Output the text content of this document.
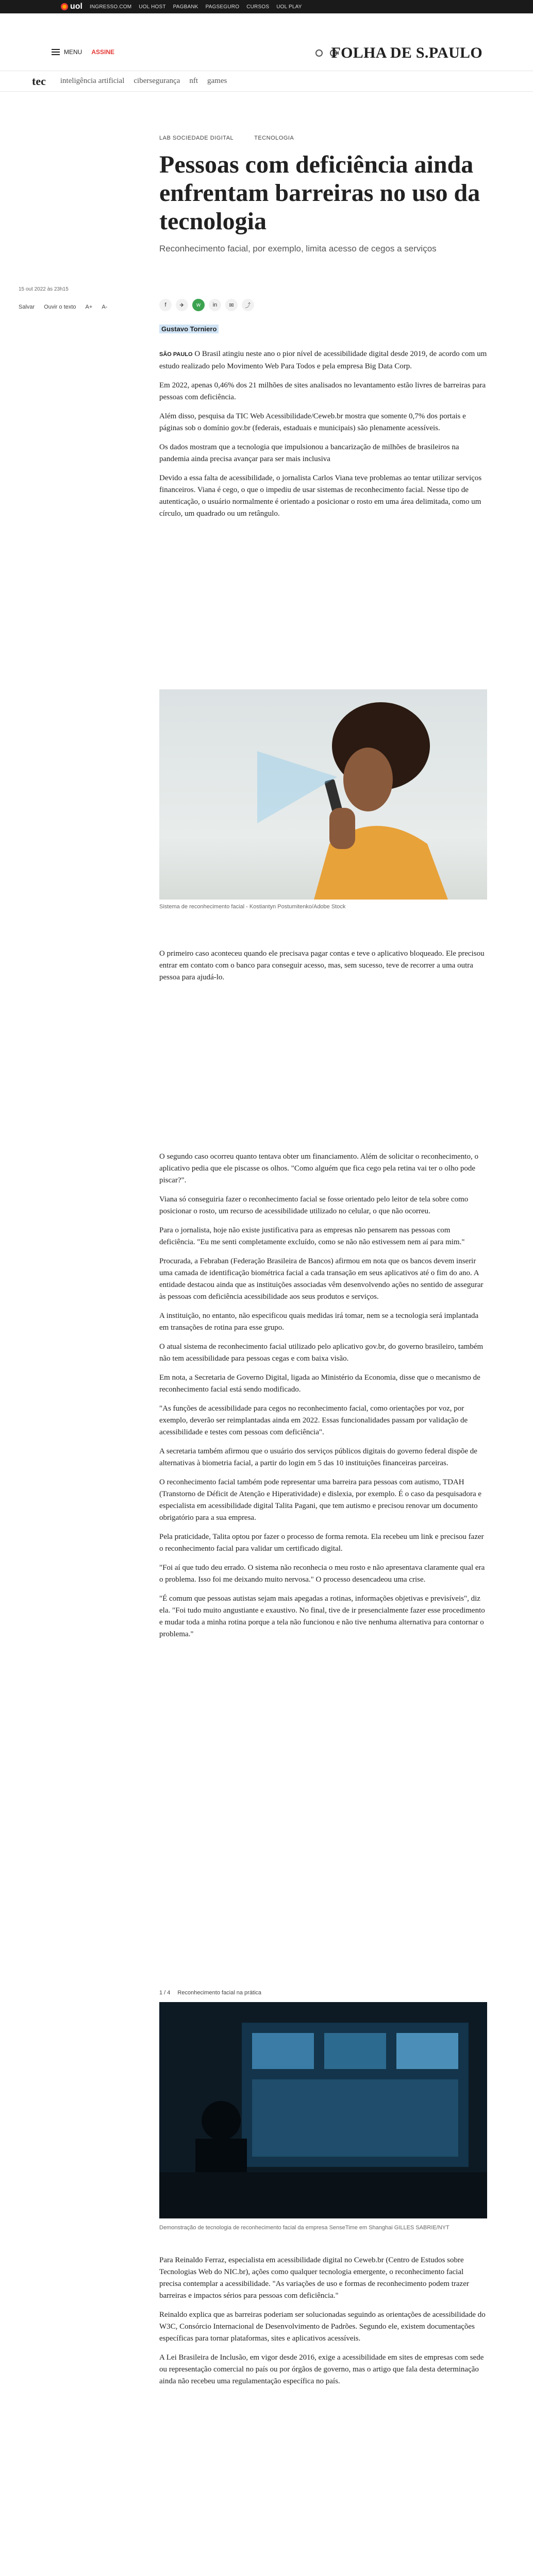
uol INGRESSO.COM UOL HOST PAGBANK PAGSEGURO CURSOS UOL PLAY
MENU ASSINE	FOLHA DE S.PAULO
tec inteligência artificial cibersegurança nft games
LAB SOCIEDADE DIGITAL	TECNOLOGIA
Pessoas com deficiência ainda enfrentam barreiras no uso da tecnologia
Reconhecimento facial, por exemplo, limita acesso de cegos a serviços
15 out 2022 às 23h15
Salvar Ouvir o texto A+ A-	f	✈	w	in	✉	⤴
Gustavo Torniero

SÃO PAULO O Brasil atingiu neste ano o pior nível de acessibilidade digital desde 2019, de acordo com um estudo realizado pelo Movimento Web Para Todos e pela empresa Big Data Corp.

Em 2022, apenas 0,46% dos 21 milhões de sites analisados no levantamento estão livres de barreiras para pessoas com deficiência.

Além disso, pesquisa da TIC Web Acessibilidade/Ceweb.br mostra que somente 0,7% dos portais e páginas sob o domínio gov.br (federais, estaduais e municipais) são plenamente acessíveis.

Os dados mostram que a tecnologia que impulsionou a bancarização de milhões de brasileiros na pandemia ainda precisa avançar para ser mais inclusiva

Devido a essa falta de acessibilidade, o jornalista Carlos Viana teve problemas ao tentar utilizar serviços financeiros. Viana é cego, o que o impediu de usar sistemas de reconhecimento facial. Nesse tipo de autenticação, o usuário normalmente é orientado a posicionar o rosto em uma área delimitada, como um círculo, um quadrado ou um retângulo.

Sistema de reconhecimento facial - Kostiantyn Postumitenko/Adobe Stock

O primeiro caso aconteceu quando ele precisava pagar contas e teve o aplicativo bloqueado. Ele precisou entrar em contato com o banco para conseguir acesso, mas, sem sucesso, teve de recorrer a uma outra pessoa para ajudá-lo.

O segundo caso ocorreu quanto tentava obter um financiamento. Além de solicitar o reconhecimento, o aplicativo pedia que ele piscasse os olhos. "Como alguém que fica cego pela retina vai ter o olho pode piscar?".

Viana só conseguiria fazer o reconhecimento facial se fosse orientado pelo leitor de tela sobre como posicionar o rosto, um recurso de acessibilidade utilizado no celular, o que não ocorreu.

Para o jornalista, hoje não existe justificativa para as empresas não pensarem nas pessoas com deficiência. "Eu me senti completamente excluído, como se não não estivessem nem aí para mim."

Procurada, a Febraban (Federação Brasileira de Bancos) afirmou em nota que os bancos devem inserir uma camada de identificação biométrica facial a cada transação em seus aplicativos até o fim do ano. A entidade destacou ainda que as instituições associadas vêm desenvolvendo ações no sentido de assegurar às pessoas com deficiência acessibilidade aos seus produtos e serviços.

A instituição, no entanto, não especificou quais medidas irá tomar, nem se a tecnologia será implantada em transações de rotina para esse grupo.

O atual sistema de reconhecimento facial utilizado pelo aplicativo gov.br, do governo brasileiro, também não tem acessibilidade para pessoas cegas e com baixa visão.

Em nota, a Secretaria de Governo Digital, ligada ao Ministério da Economia, disse que o mecanismo de reconhecimento facial está sendo modificado.

"As funções de acessibilidade para cegos no reconhecimento facial, como orientações por voz, por exemplo, deverão ser reimplantadas ainda em 2022. Essas funcionalidades passam por validação de acessibilidade e testes com pessoas com deficiência".

A secretaria também afirmou que o usuário dos serviços públicos digitais do governo federal dispõe de alternativas à biometria facial, a partir do login em 5 das 10 instituições financeiras parceiras.

O reconhecimento facial também pode representar uma barreira para pessoas com autismo, TDAH (Transtorno de Déficit de Atenção e Hiperatividade) e dislexia, por exemplo. É o caso da pesquisadora e especialista em acessibilidade digital Talita Pagani, que tem autismo e precisou renovar um documento obrigatório para a sua empresa.

Pela praticidade, Talita optou por fazer o processo de forma remota. Ela recebeu um link e precisou fazer o reconhecimento facial para validar um certificado digital.

"Foi aí que tudo deu errado. O sistema não reconhecia o meu rosto e não apresentava claramente qual era o problema. Isso foi me deixando muito nervosa." O processo desencadeou uma crise.

"É comum que pessoas autistas sejam mais apegadas a rotinas, informações objetivas e previsíveis", diz ela. "Foi tudo muito angustiante e exaustivo. No final, tive de ir presencialmente fazer esse procedimento e mudar toda a minha rotina porque a tela não funcionou e não tive nenhuma alternativa para contornar o problema."

1 / 4 Reconhecimento facial na prática
Demonstração de tecnologia de reconhecimento facial da empresa SenseTime em Shanghai GILLES SABRIE/NYT

Para Reinaldo Ferraz, especialista em acessibilidade digital no Ceweb.br (Centro de Estudos sobre Tecnologias Web do NIC.br), ações como qualquer tecnologia emergente, o reconhecimento facial precisa contemplar a acessibilidade. "As variações de uso e formas de reconhecimento podem trazer barreiras e impactos sérios para pessoas com deficiência."

Reinaldo explica que as barreiras poderiam ser solucionadas seguindo as orientações de acessibilidade do W3C, Consórcio Internacional de Desenvolvimento de Padrões. Segundo ele, existem documentações específicas para tornar plataformas, sites e aplicativos acessíveis.

A Lei Brasileira de Inclusão, em vigor desde 2016, exige a acessibilidade em sites de empresas com sede ou representação comercial no país ou por órgãos de governo, mas o artigo que fala desta determinação ainda não recebeu uma regulamentação específica no país.
